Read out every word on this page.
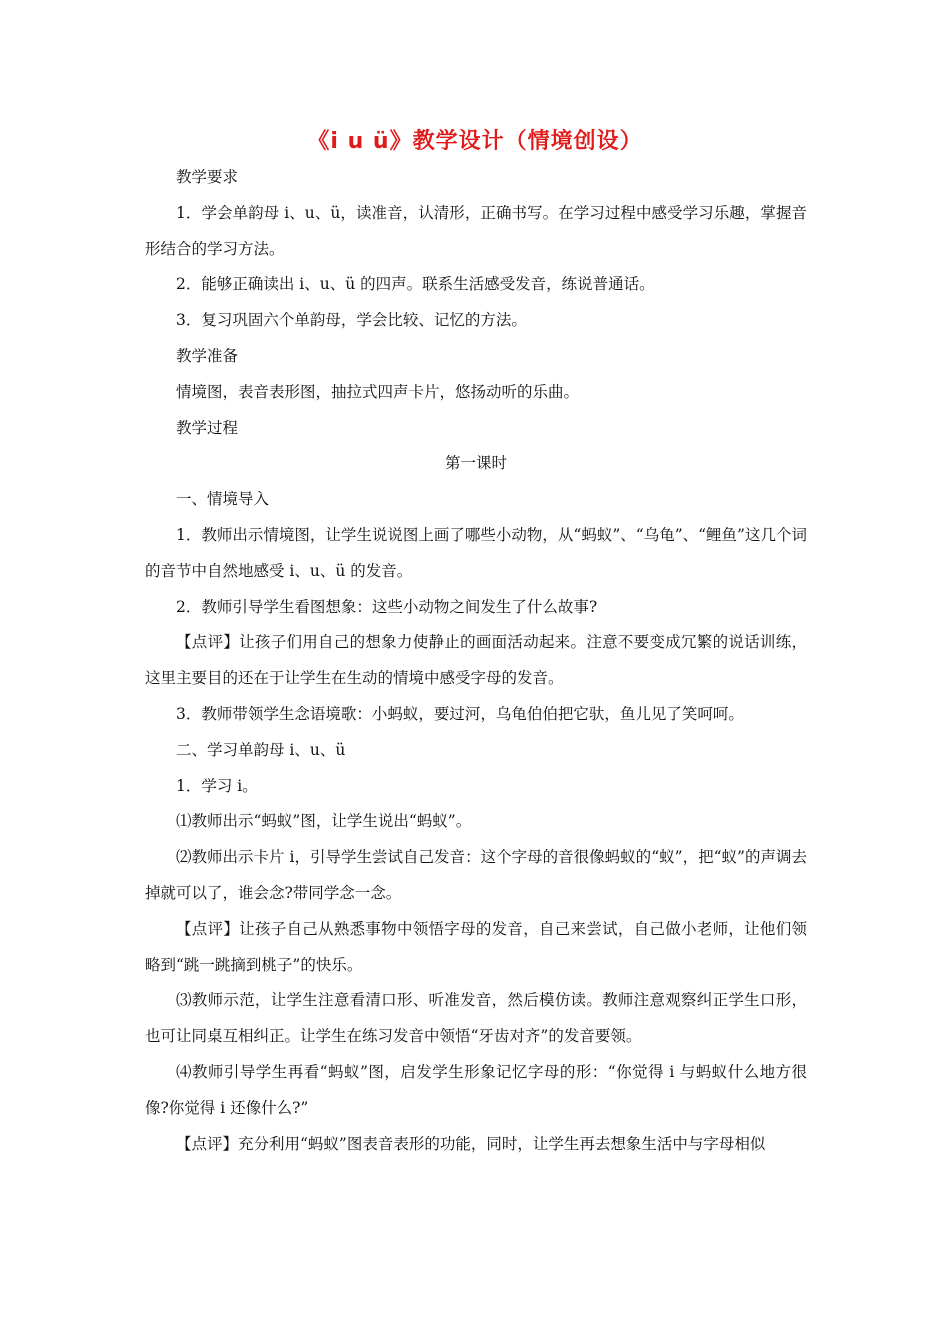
《i u ü》教学设计（情境创设）

教学要求

1．学会单韵母 i、u、ü，读准音，认清形，正确书写。在学习过程中感受学习乐趣，掌握音形结合的学习方法。

2．能够正确读出 i、u、ü 的四声。联系生活感受发音，练说普通话。

3．复习巩固六个单韵母，学会比较、记忆的方法。

教学准备

情境图，表音表形图，抽拉式四声卡片，悠扬动听的乐曲。

教学过程

第一课时

一、情境导入

1．教师出示情境图，让学生说说图上画了哪些小动物，从“蚂蚁”、“乌龟”、“鲤鱼”这几个词的音节中自然地感受 i、u、ü 的发音。

2．教师引导学生看图想象：这些小动物之间发生了什么故事?

【点评】让孩子们用自己的想象力使静止的画面活动起来。注意不要变成冗繁的说话训练，这里主要目的还在于让学生在生动的情境中感受字母的发音。

3．教师带领学生念语境歌：小蚂蚁，要过河，乌龟伯伯把它驮，鱼儿见了笑呵呵。

二、学习单韵母 i、u、ü

1．学习 i。

⑴教师出示“蚂蚁”图，让学生说出“蚂蚁”。

⑵教师出示卡片 i，引导学生尝试自己发音：这个字母的音很像蚂蚁的“蚁”，把“蚁”的声调去掉就可以了，谁会念?带同学念一念。

【点评】让孩子自己从熟悉事物中领悟字母的发音，自己来尝试，自己做小老师，让他们领略到“跳一跳摘到桃子”的快乐。

⑶教师示范，让学生注意看清口形、听准发音，然后模仿读。教师注意观察纠正学生口形，也可让同桌互相纠正。让学生在练习发音中领悟“牙齿对齐”的发音要领。

⑷教师引导学生再看“蚂蚁”图，启发学生形象记忆字母的形：“你觉得 i 与蚂蚁什么地方很像?你觉得 i 还像什么?”

【点评】充分利用“蚂蚁”图表音表形的功能，同时，让学生再去想象生活中与字母相似
